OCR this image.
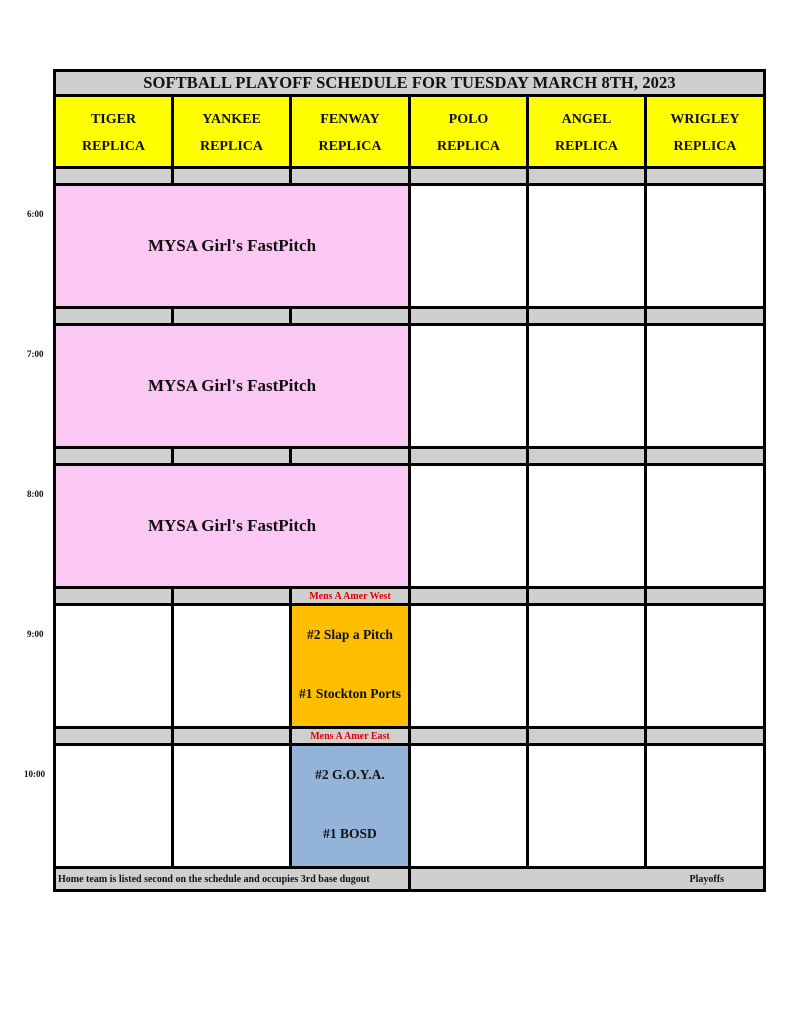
SOFTBALL PLAYOFF SCHEDULE FOR TUESDAY MARCH 8TH, 2023
TIGER
REPLICA
YANKEE
REPLICA
FENWAY
REPLICA
POLO
REPLICA
ANGEL
REPLICA
WRIGLEY
REPLICA
MYSA Girl's FastPitch
MYSA Girl's FastPitch
MYSA Girl's FastPitch
Mens A Amer West
#2 Slap a Pitch
#1 Stockton Ports
Mens A Amer East
#2 G.O.Y.A.
#1 BOSD
Home team is listed second on the schedule and occupies 3rd base dugout	Playoffs
6:00
7:00
8:00
9:00
10:00
